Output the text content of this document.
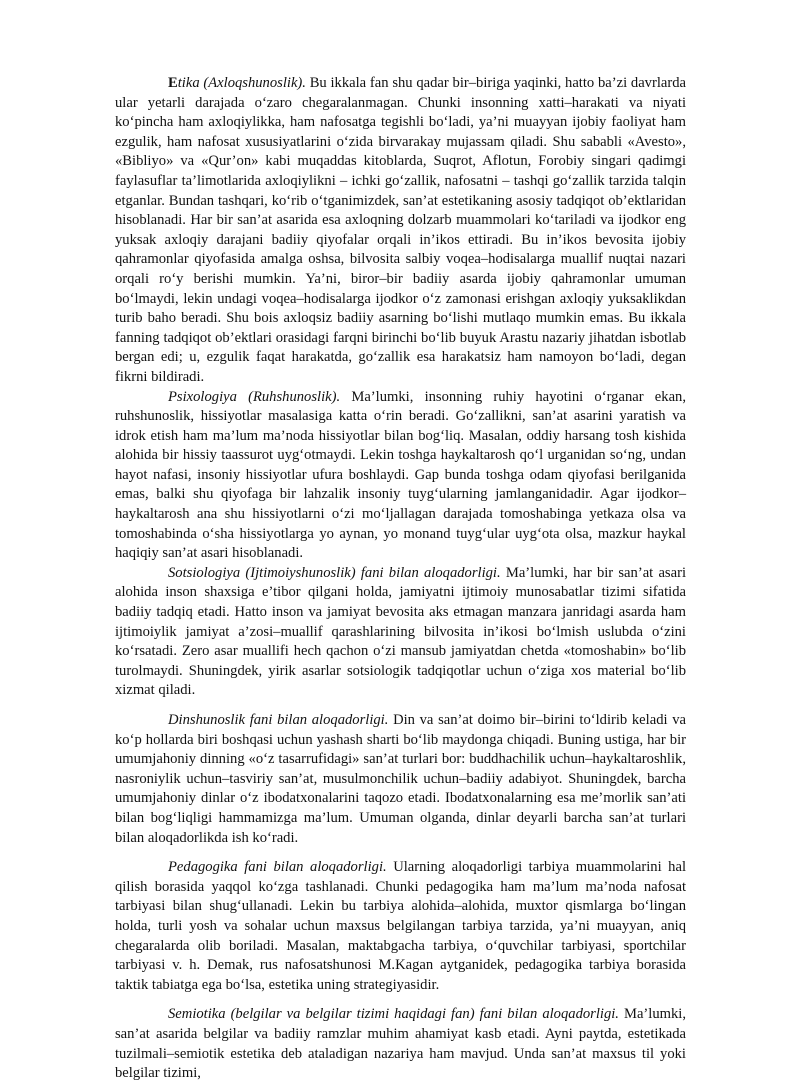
Etika (Axloqshunoslik). Bu ikkala fan shu qadar bir–biriga yaqinki, hatto ba’zi davrlarda ular yetarli darajada o‘zaro chegaralanmagan. Chunki insonning xatti–harakati va niyati ko‘pincha ham axloqiylikka, ham nafosatga tegishli bo‘ladi, ya’ni muayyan ijobiy faoliyat ham ezgulik, ham nafosat xususiyatlarini o‘zida birvarakay mujassam qiladi. Shu sababli «Avesto», «Bibliyo» va «Qur’on» kabi muqaddas kitoblarda, Suqrot, Aflotun, Forobiy singari qadimgi faylasuflar ta’limotlarida axloqiylikni – ichki go‘zallik, nafosatni – tashqi go‘zallik tarzida talqin etganlar. Bundan tashqari, ko‘rib o‘tganimizdek, san’at estetikaning asosiy tadqiqot ob’ektlaridan hisoblanadi. Har bir san’at asarida esa axloqning dolzarb muammolari ko‘tariladi va ijodkor eng yuksak axloqiy darajani badiiy qiyofalar orqali in’ikos ettiradi. Bu in’ikos bevosita ijobiy qahramonlar qiyofasida amalga oshsa, bilvosita salbiy voqea–hodisalarga muallif nuqtai nazari orqali ro‘y berishi mumkin. Ya’ni, biror–bir badiiy asarda ijobiy qahramonlar umuman bo‘lmaydi, lekin undagi voqea–hodisalarga ijodkor o‘z zamonasi erishgan axloqiy yuksaklikdan turib baho beradi. Shu bois axloqsiz badiiy asarning bo‘lishi mutlaqo mumkin emas. Bu ikkala fanning tadqiqot ob’ektlari orasidagi farqni birinchi bo‘lib buyuk Arastu nazariy jihatdan isbotlab bergan edi; u, ezgulik faqat harakatda, go‘zallik esa harakatsiz ham namoyon bo‘ladi, degan fikrni bildiradi.

Psixologiya (Ruhshunoslik). Ma’lumki, insonning ruhiy hayotini o‘rganar ekan, ruhshunoslik, hissiyotlar masalasiga katta o‘rin beradi. Go‘zallikni, san’at asarini yaratish va idrok etish ham ma’lum ma’noda hissiyotlar bilan bog‘liq. Masalan, oddiy harsang tosh kishida alohida bir hissiy taassurot uyg‘otmaydi. Lekin toshga haykaltarosh qo‘l urganidan so‘ng, undan hayot nafasi, insoniy hissiyotlar ufura boshlaydi. Gap bunda toshga odam qiyofasi berilganida emas, balki shu qiyofaga bir lahzalik insoniy tuyg‘ularning jamlanganidadir. Agar ijodkor–haykaltarosh ana shu hissiyotlarni o‘zi mo‘ljallagan darajada tomoshabinga yetkaza olsa va tomoshabinda o‘sha hissiyotlarga yo aynan, yo monand tuyg‘ular uyg‘ota olsa, mazkur haykal haqiqiy san’at asari hisoblanadi.

Sotsiologiya (Ijtimoiyshunoslik) fani bilan aloqadorligi. Ma’lumki, har bir san’at asari alohida inson shaxsiga e’tibor qilgani holda, jamiyatni ijtimoiy munosabatlar tizimi sifatida badiiy tadqiq etadi. Hatto inson va jamiyat bevosita aks etmagan manzara janridagi asarda ham ijtimoiylik jamiyat a’zosi–muallif qarashlarining bilvosita in’ikosi bo‘lmish uslubda o‘zini ko‘rsatadi. Zero asar muallifi hech qachon o‘zi mansub jamiyatdan chetda «tomoshabin» bo‘lib turolmaydi. Shuningdek, yirik asarlar sotsiologik tadqiqotlar uchun o‘ziga xos material bo‘lib xizmat qiladi.

Dinshunoslik fani bilan aloqadorligi. Din va san’at doimo bir–birini to‘ldirib keladi va ko‘p hollarda biri boshqasi uchun yashash sharti bo‘lib maydonga chiqadi. Buning ustiga, har bir umumjahoniy dinning «o‘z tasarrufidagi» san’at turlari bor: buddhachilik uchun–haykaltaroshlik, nasroniylik uchun–tasviriy san’at, musulmonchilik uchun–badiiy adabiyot. Shuningdek, barcha umumjahoniy dinlar o‘z ibodatxonalarini taqozo etadi. Ibodatxonalarning esa me’morlik san’ati bilan bog‘liqligi hammamizga ma’lum. Umuman olganda, dinlar deyarli barcha san’at turlari bilan aloqadorlikda ish ko‘radi.

Pedagogika fani bilan aloqadorligi. Ularning aloqadorligi tarbiya muammolarini hal qilish borasida yaqqol ko‘zga tashlanadi. Chunki pedagogika ham ma’lum ma’noda nafosat tarbiyasi bilan shug‘ullanadi. Lekin bu tarbiya alohida–alohida, muxtor qismlarga bo‘lingan holda, turli yosh va sohalar uchun maxsus belgilangan tarbiya tarzida, ya’ni muayyan, aniq chegaralarda olib boriladi. Masalan, maktabgacha tarbiya, o‘quvchilar tarbiyasi, sportchilar tarbiyasi v. h. Demak, rus nafosatshunosi M.Kagan aytganidek, pedagogika tarbiya borasida taktik tabiatga ega bo‘lsa, estetika uning strategiyasidir.

Semiotika (belgilar va belgilar tizimi haqidagi fan) fani bilan aloqadorligi. Ma’lumki, san’at asarida belgilar va badiiy ramzlar muhim ahamiyat kasb etadi. Ayni paytda, estetikada tuzilmali–semiotik estetika deb ataladigan nazariya ham mavjud. Unda san’at maxsus til yoki belgilar tizimi,
